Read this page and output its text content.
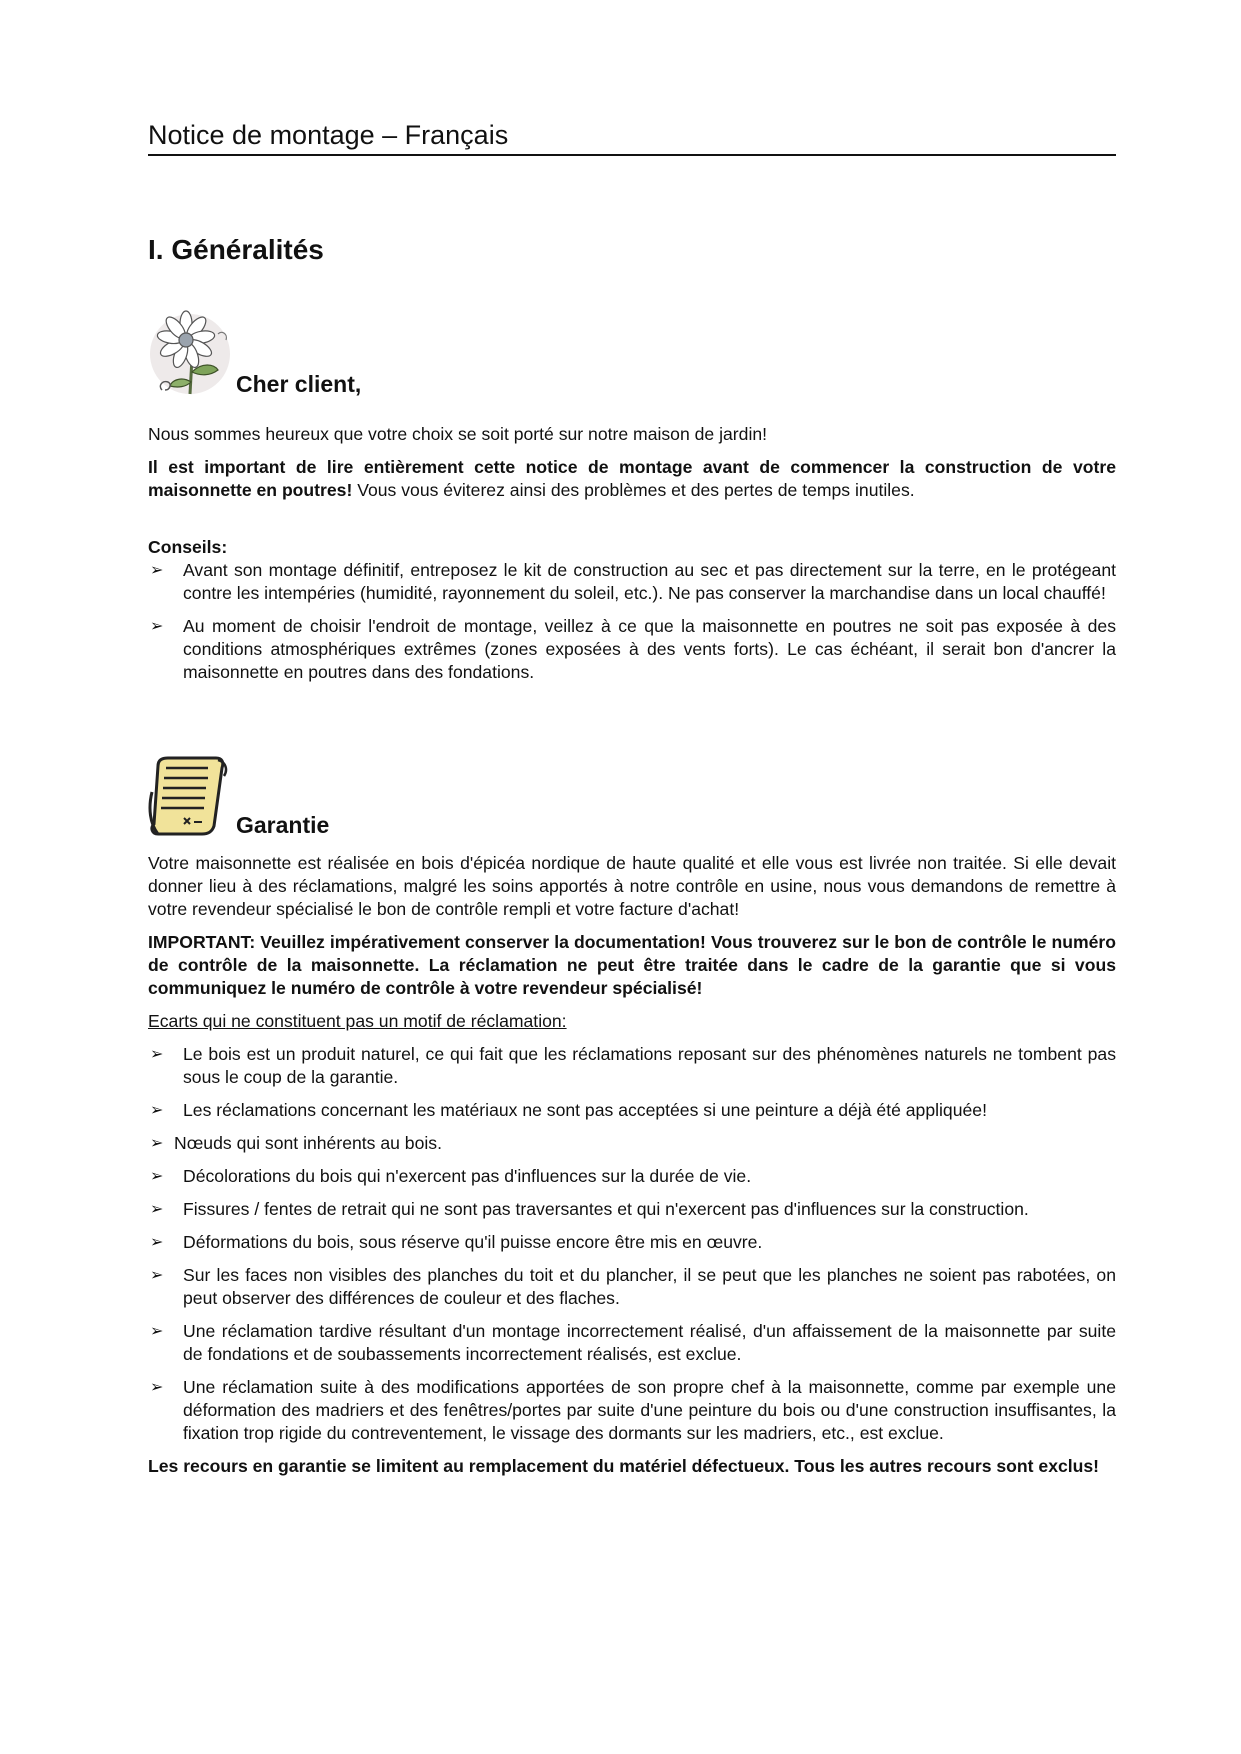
Notice de montage – Français
I. Généralités
Cher client,

Nous sommes heureux que votre choix se soit porté sur notre maison de jardin!

Il est important de lire entièrement cette notice de montage avant de commencer la construction de votre maisonnette en poutres! Vous vous éviterez ainsi des problèmes et des pertes de temps inutiles.

Conseils:

➢ Avant son montage définitif, entreposez le kit de construction au sec et pas directement sur la terre, en le protégeant contre les intempéries (humidité, rayonnement du soleil, etc.). Ne pas conserver la marchandise dans un local chauffé!
➢ Au moment de choisir l'endroit de montage, veillez à ce que la maisonnette en poutres ne soit pas exposée à des conditions atmosphériques extrêmes (zones exposées à des vents forts). Le cas échéant, il serait bon d'ancrer la maisonnette en poutres dans des fondations.
Garantie

Votre maisonnette est réalisée en bois d'épicéa nordique de haute qualité et elle vous est livrée non traitée. Si elle devait donner lieu à des réclamations, malgré les soins apportés à notre contrôle en usine, nous vous demandons de remettre à votre revendeur spécialisé le bon de contrôle rempli et votre facture d'achat!

IMPORTANT: Veuillez impérativement conserver la documentation! Vous trouverez sur le bon de contrôle le numéro de contrôle de la maisonnette. La réclamation ne peut être traitée dans le cadre de la garantie que si vous communiquez le numéro de contrôle à votre revendeur spécialisé!

Ecarts qui ne constituent pas un motif de réclamation:

➢ Le bois est un produit naturel, ce qui fait que les réclamations reposant sur des phénomènes naturels ne tombent pas sous le coup de la garantie.
➢ Les réclamations concernant les matériaux ne sont pas acceptées si une peinture a déjà été appliquée!
➢ Nœuds qui sont inhérents au bois.
➢ Décolorations du bois qui n'exercent pas d'influences sur la durée de vie.
➢ Fissures / fentes de retrait qui ne sont pas traversantes et qui n'exercent pas d'influences sur la construction.
➢ Déformations du bois, sous réserve qu'il puisse encore être mis en œuvre.
➢ Sur les faces non visibles des planches du toit et du plancher, il se peut que les planches ne soient pas rabotées, on peut observer des différences de couleur et des flaches.
➢ Une réclamation tardive résultant d'un montage incorrectement réalisé, d'un affaissement de la maisonnette par suite de fondations et de soubassements incorrectement réalisés, est exclue.
➢ Une réclamation suite à des modifications apportées de son propre chef à la maisonnette, comme par exemple une déformation des madriers et des fenêtres/portes par suite d'une peinture du bois ou d'une construction insuffisantes, la fixation trop rigide du contreventement, le vissage des dormants sur les madriers, etc., est exclue.

Les recours en garantie se limitent au remplacement du matériel défectueux. Tous les autres recours sont exclus!
